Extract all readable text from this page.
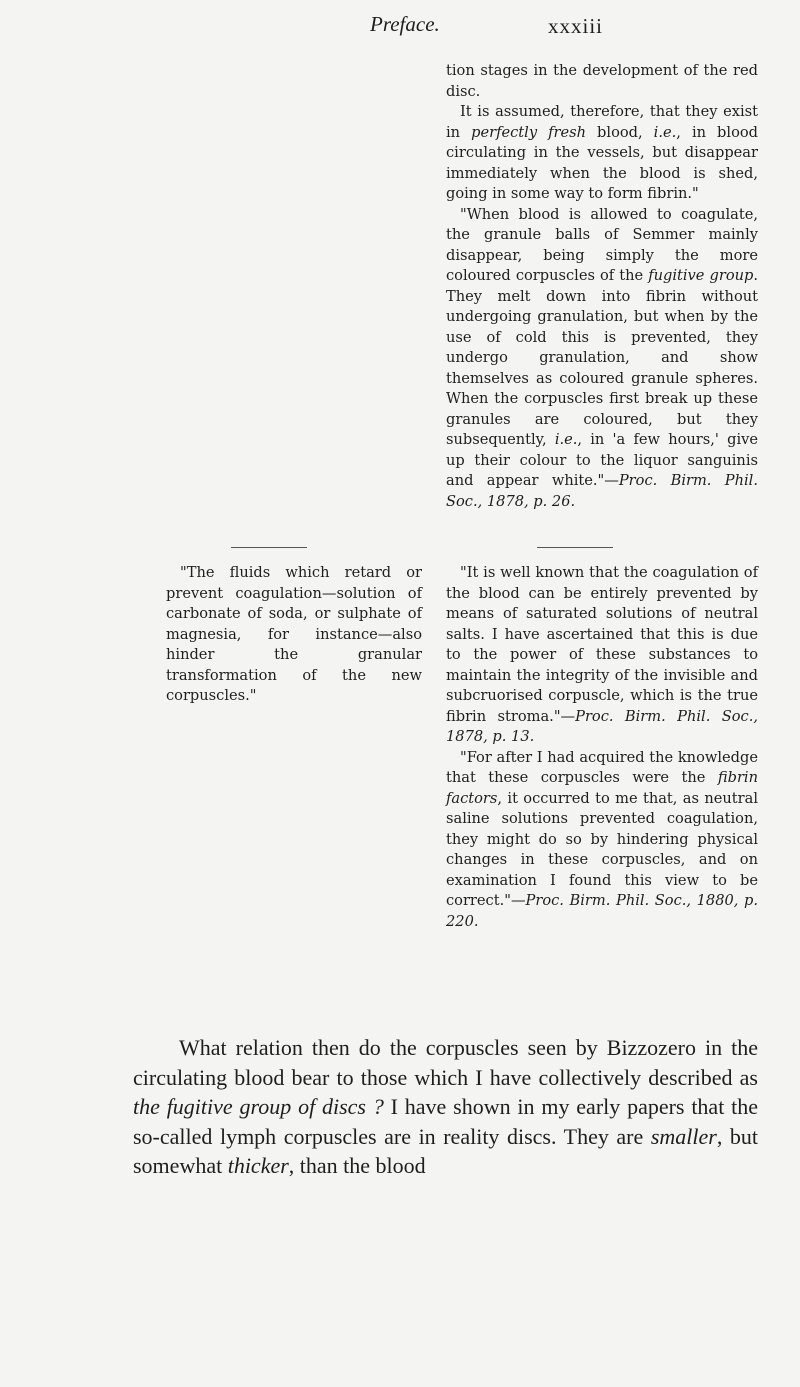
Preface.	xxxiii

tion stages in the development of the red disc.

It is assumed, therefore, that they exist in perfectly fresh blood, i.e., in blood circulating in the vessels, but disappear immediately when the blood is shed, going in some way to form fibrin."

"When blood is allowed to coagulate, the granule balls of Semmer mainly disappear, being simply the more coloured corpuscles of the fugitive group. They melt down into fibrin without undergoing granulation, but when by the use of cold this is prevented, they undergo granulation, and show themselves as coloured granule spheres. When the corpuscles first break up these granules are coloured, but they subsequently, i.e., in 'a few hours,' give up their colour to the liquor sanguinis and appear white."—Proc. Birm. Phil. Soc., 1878, p. 26.

"The fluids which retard or prevent coagulation—solution of carbonate of soda, or sulphate of magnesia, for instance—also hinder the granular transformation of the new corpuscles."

"It is well known that the coagulation of the blood can be entirely prevented by means of saturated solutions of neutral salts. I have ascertained that this is due to the power of these substances to maintain the integrity of the invisible and subcruorised corpuscle, which is the true fibrin stroma."—Proc. Birm. Phil. Soc., 1878, p. 13.

"For after I had acquired the knowledge that these corpuscles were the fibrin factors, it occurred to me that, as neutral saline solutions prevented coagulation, they might do so by hindering physical changes in these corpuscles, and on examination I found this view to be correct."—Proc. Birm. Phil. Soc., 1880, p. 220.

What relation then do the corpuscles seen by Bizzozero in the circulating blood bear to those which I have collectively described as the fugitive group of discs ? I have shown in my early papers that the so-called lymph corpuscles are in reality discs. They are smaller, but somewhat thicker, than the blood
